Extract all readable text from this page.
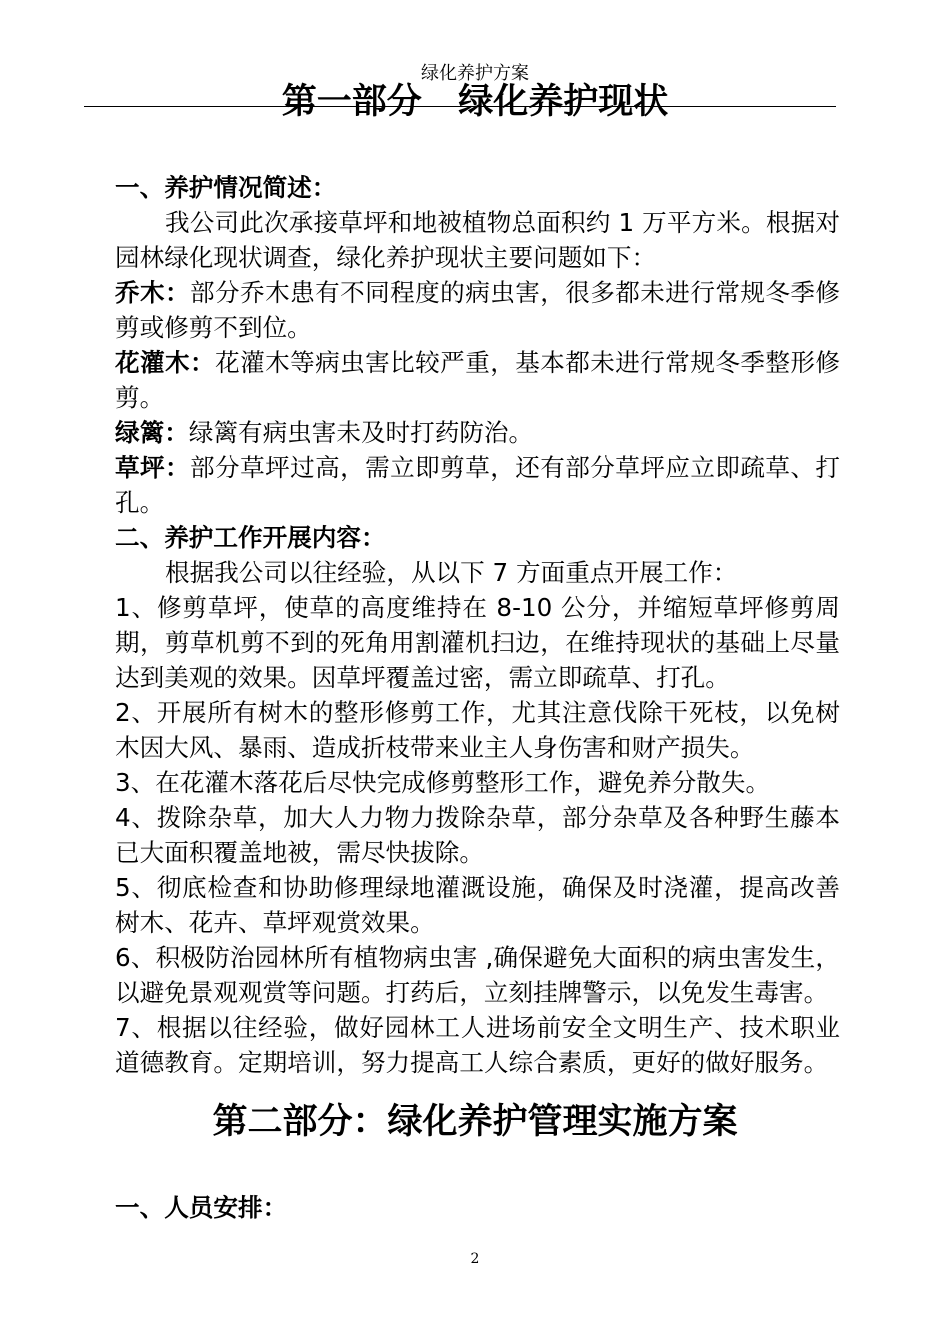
绿化养护方案
第一部分   绿化养护现状

一、养护情况简述：

我公司此次承接草坪和地被植物总面积约 1 万平方米。根据对园林绿化现状调查，绿化养护现状主要问题如下：

乔木：部分乔木患有不同程度的病虫害，很多都未进行常规冬季修剪或修剪不到位。

花灌木：花灌木等病虫害比较严重，基本都未进行常规冬季整形修剪。

绿篱：绿篱有病虫害未及时打药防治。

草坪：部分草坪过高，需立即剪草，还有部分草坪应立即疏草、打孔。

二、养护工作开展内容：

根据我公司以往经验，从以下 7 方面重点开展工作：

1、修剪草坪，使草的高度维持在 8-10 公分，并缩短草坪修剪周期，剪草机剪不到的死角用割灌机扫边，在维持现状的基础上尽量达到美观的效果。因草坪覆盖过密，需立即疏草、打孔。

2、开展所有树木的整形修剪工作，尤其注意伐除干死枝，以免树木因大风、暴雨、造成折枝带来业主人身伤害和财产损失。

3、在花灌木落花后尽快完成修剪整形工作，避免养分散失。

4、拨除杂草，加大人力物力拨除杂草，部分杂草及各种野生藤本已大面积覆盖地被，需尽快拔除。

5、彻底检查和协助修理绿地灌溉设施，确保及时浇灌，提高改善树木、花卉、草坪观赏效果。

6、积极防治园林所有植物病虫害 ,确保避免大面积的病虫害发生，以避免景观观赏等问题。打药后，立刻挂牌警示，以免发生毒害。

7、根据以往经验，做好园林工人进场前安全文明生产、技术职业道德教育。定期培训，努力提高工人综合素质，更好的做好服务。

第二部分：绿化养护管理实施方案
一、人员安排：
2
